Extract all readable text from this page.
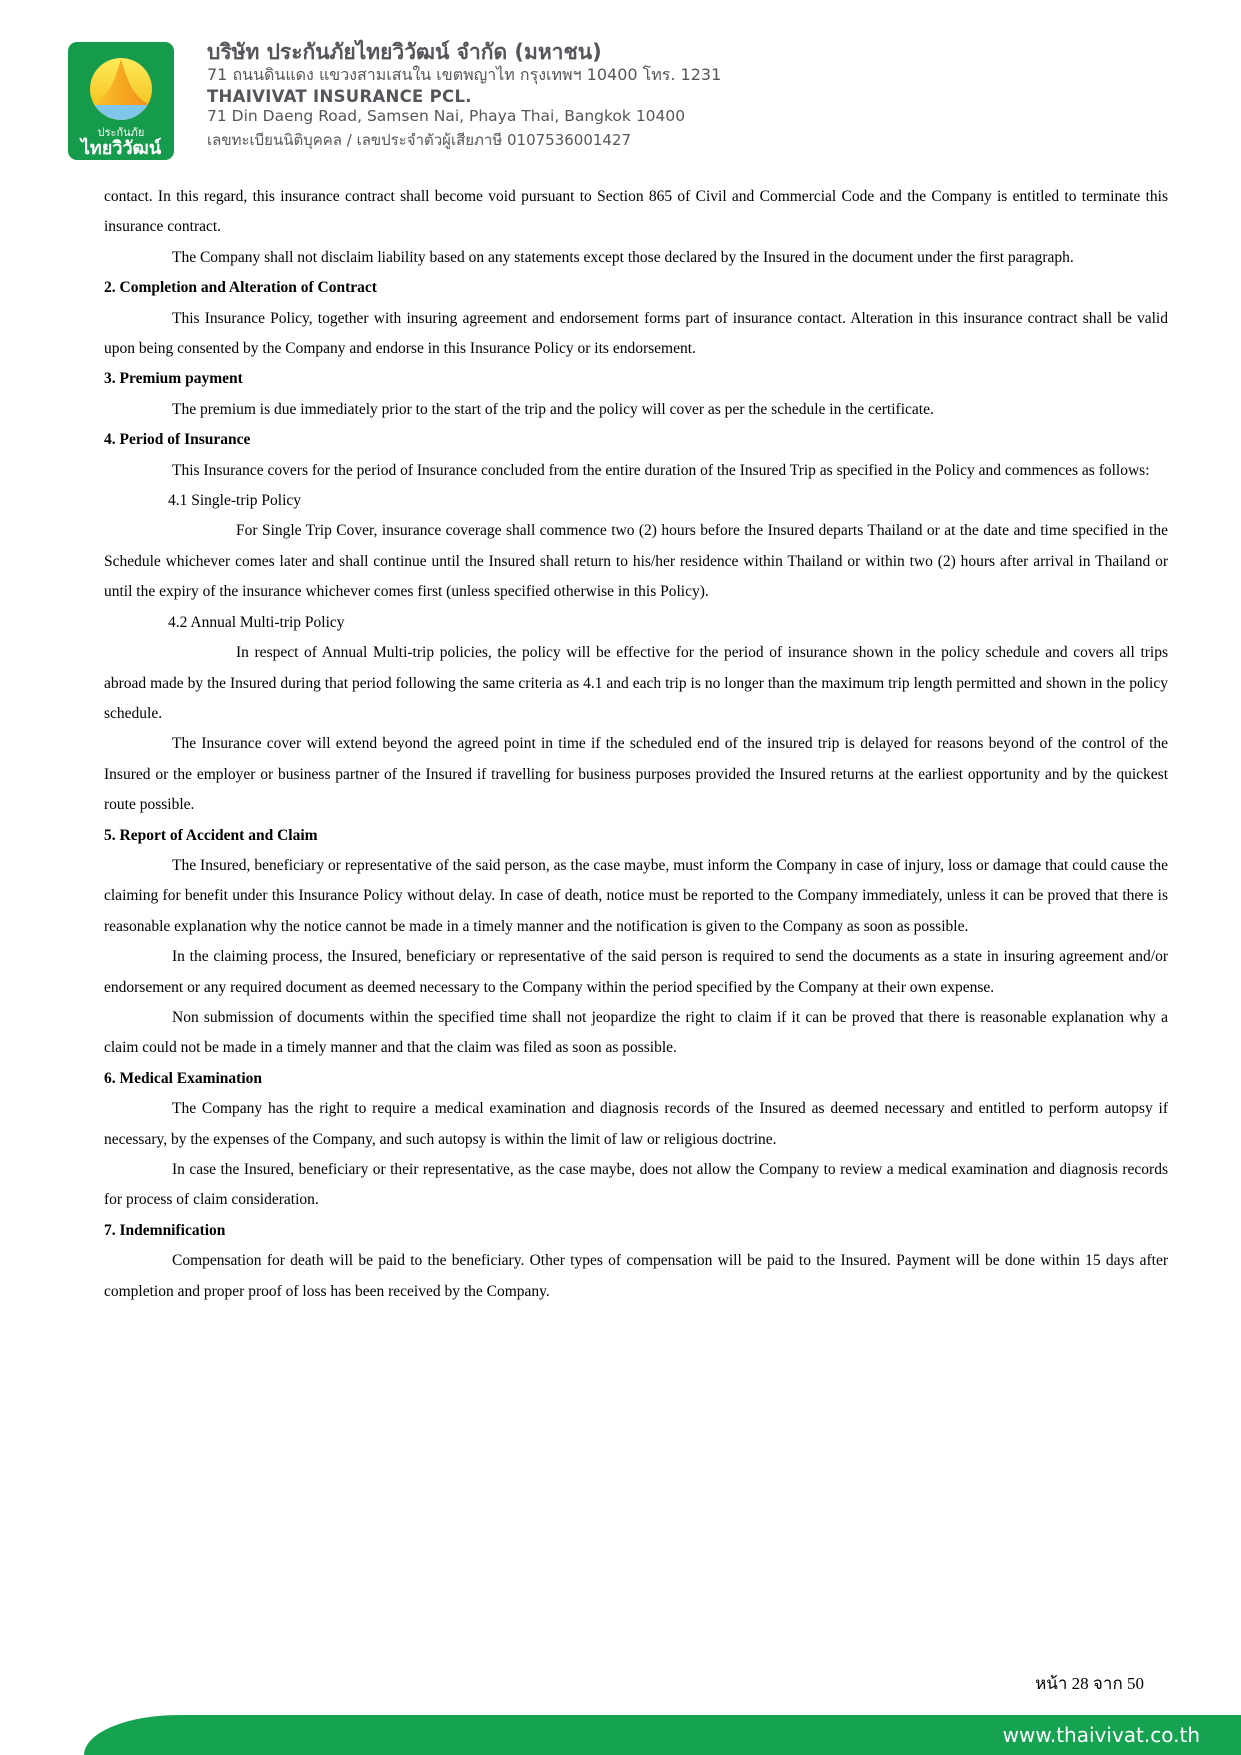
ประกันภัย
ไทยวิวัฒน์
บริษัท ประกันภัยไทยวิวัฒน์ จำกัด (มหาชน)
71 ถนนดินแดง แขวงสามเสนใน เขตพญาไท กรุงเทพฯ 10400 โทร. 1231
THAIVIVAT INSURANCE PCL.
71 Din Daeng Road, Samsen Nai, Phaya Thai, Bangkok 10400
เลขทะเบียนนิติบุคคล / เลขประจำตัวผู้เสียภาษี 0107536001427

contact. In this regard, this insurance contract shall become void pursuant to Section 865 of Civil and Commercial Code and the Company is entitled to terminate this insurance contract.

The Company shall not disclaim liability based on any statements except those declared by the Insured in the document under the first paragraph.

2. Completion and Alteration of Contract

This Insurance Policy, together with insuring agreement and endorsement forms part of insurance contact. Alteration in this insurance contract shall be valid upon being consented by the Company and endorse in this Insurance Policy or its endorsement.

3. Premium payment

The premium is due immediately prior to the start of the trip and the policy will cover as per the schedule in the certificate.

4. Period of Insurance

This Insurance covers for the period of Insurance concluded from the entire duration of the Insured Trip as specified in the Policy and commences as follows:

4.1 Single-trip Policy

For Single Trip Cover, insurance coverage shall commence two (2) hours before the Insured departs Thailand or at the date and time specified in the Schedule whichever comes later and shall continue until the Insured shall return to his/her residence within Thailand or within two (2) hours after arrival in Thailand or until the expiry of the insurance whichever comes first (unless specified otherwise in this Policy).

4.2 Annual Multi-trip Policy

In respect of Annual Multi-trip policies, the policy will be effective for the period of insurance shown in the policy schedule and covers all trips abroad made by the Insured during that period following the same criteria as 4.1 and each trip is no longer than the maximum trip length permitted and shown in the policy schedule.

The Insurance cover will extend beyond the agreed point in time if the scheduled end of the insured trip is delayed for reasons beyond of the control of the Insured or the employer or business partner of the Insured if travelling for business purposes provided the Insured returns at the earliest opportunity and by the quickest route possible.

5. Report of Accident and Claim

The Insured, beneficiary or representative of the said person, as the case maybe, must inform the Company in case of injury, loss or damage that could cause the claiming for benefit under this Insurance Policy without delay. In case of death, notice must be reported to the Company immediately, unless it can be proved that there is reasonable explanation why the notice cannot be made in a timely manner and the notification is given to the Company as soon as possible.

In the claiming process, the Insured, beneficiary or representative of the said person is required to send the documents as a state in insuring agreement and/or endorsement or any required document as deemed necessary to the Company within the period specified by the Company at their own expense.

Non submission of documents within the specified time shall not jeopardize the right to claim if it can be proved that there is reasonable explanation why a claim could not be made in a timely manner and that the claim was filed as soon as possible.

6. Medical Examination

The Company has the right to require a medical examination and diagnosis records of the Insured as deemed necessary and entitled to perform autopsy if necessary, by the expenses of the Company, and such autopsy is within the limit of law or religious doctrine.

In case the Insured, beneficiary or their representative, as the case maybe, does not allow the Company to review a medical examination and diagnosis records for process of claim consideration.

7. Indemnification

Compensation for death will be paid to the beneficiary. Other types of compensation will be paid to the Insured. Payment will be done within 15 days after completion and proper proof of loss has been received by the Company.

หน้า 28 จาก 50
www.thaivivat.co.th
